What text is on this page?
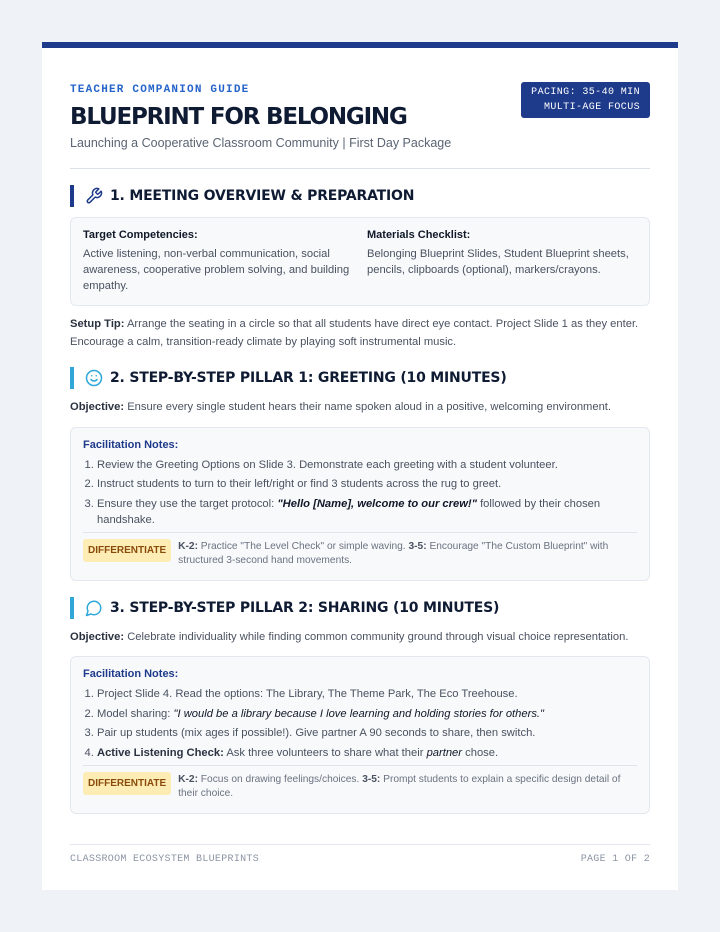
TEACHER COMPANION GUIDE
BLUEPRINT FOR BELONGING
Launching a Cooperative Classroom Community | First Day Package
PACING: 35-40 MIN
MULTI-AGE FOCUS
1. MEETING OVERVIEW & PREPARATION
Target Competencies:
Active listening, non-verbal communication, social awareness, cooperative problem solving, and building empathy.
Materials Checklist:
Belonging Blueprint Slides, Student Blueprint sheets, pencils, clipboards (optional), markers/crayons.

Setup Tip: Arrange the seating in a circle so that all students have direct eye contact. Project Slide 1 as they enter. Encourage a calm, transition-ready climate by playing soft instrumental music.

2. STEP-BY-STEP PILLAR 1: GREETING (10 MINUTES)

Objective: Ensure every single student hears their name spoken aloud in a positive, welcoming environment.

Facilitation Notes:
1. Review the Greeting Options on Slide 3. Demonstrate each greeting with a student volunteer.
2. Instruct students to turn to their left/right or find 3 students across the rug to greet.
3. Ensure they use the target protocol: "Hello [Name], welcome to our crew!" followed by their chosen handshake.
DIFFERENTIATE	K-2: Practice "The Level Check" or simple waving. 3-5: Encourage "The Custom Blueprint" with structured 3-second hand movements.
3. STEP-BY-STEP PILLAR 2: SHARING (10 MINUTES)

Objective: Celebrate individuality while finding common community ground through visual choice representation.

Facilitation Notes:
1. Project Slide 4. Read the options: The Library, The Theme Park, The Eco Treehouse.
2. Model sharing: "I would be a library because I love learning and holding stories for others."
3. Pair up students (mix ages if possible!). Give partner A 90 seconds to share, then switch.
4. Active Listening Check: Ask three volunteers to share what their partner chose.
DIFFERENTIATE	K-2: Focus on drawing feelings/choices. 3-5: Prompt students to explain a specific design detail of their choice.
CLASSROOM ECOSYSTEM BLUEPRINTS	PAGE 1 OF 2
